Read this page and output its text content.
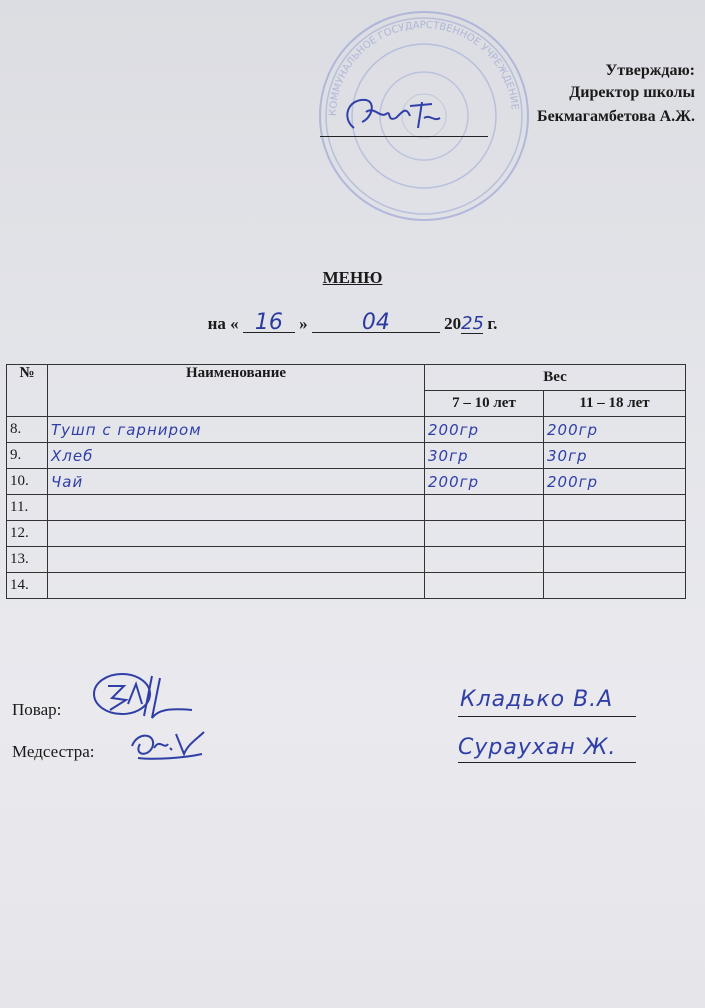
КОММУНАЛЬНОЕ ГОСУДАРСТВЕННОЕ УЧРЕЖДЕНИЕ
Утверждаю:
Директор школы
Бекмагамбетова А.Ж.
МЕНЮ
на « 16 » 04	2025 г.
№	Наименование	Вес	
		7 – 10 лет	11 – 18 лет
8.	Тушп с гарниром	200гр	200гр
9.	Хлеб	30гр	30гр
10.	Чай	200гр	200гр
11.			
12.			
13.			
14.			
Повар:
Медсестра:
Кладько В.А
Сураухан Ж.
